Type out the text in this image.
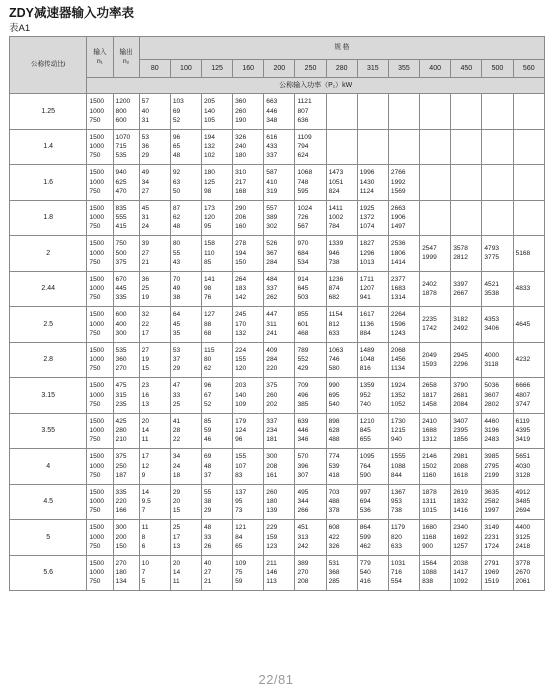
ZDY减速器输入功率表
表A1
公称传动比i	输入
n₁	输出
n₂	规 格												
			80	100	125	160	200	250	280	315	355	400	450	500	560
	公称输入功率（P₁）kW														
1.25	1500
1000
750	1200
800
600	57
40
31	103
69
52	205
140
105	360
260
190	663
446
348	1121
807
636							

1.4	1500
1000
750	1070
715
535	53
36
29	96
65
48	194
132
102	326
240
180	616
433
337	1109
794
624							

1.6	1500
1000
750	940
625
470	49
34
27	92
63
50	180
125
98	310
217
168	587
410
319	1068
748
595	1473
1051
824	1996
1430
1124	2766
1992
1569				

1.8	1500
1000
750	835
555
415	45
31
24	87
62
48	173
120
95	290
206
160	557
389
302	1024
726
567	1411
1002
784	1925
1372
1074	2663
1906
1497				

2	1500
1000
750	750
500
375	39
27
21	80
55
43	158
110
85	278
194
150	526
367
284	970
684
534	1339
946
738	1827
1296
1013	2536
1806
1414	2547
1999	3578
2812	4793
3775	5168

2.44	1500
1000
750	670
445
335	36
25
19	70
49
38	141
98
76	264
183
142	484
337
262	914
645
503	1236
874
682	1711
1207
941	2377
1683
1314	2402
1878	3397
2667	4521
3538	4833

2.5	1500
1000
750	600
400
300	32
22
17	64
45
35	127
88
68	245
170
132	447
311
241	855
601
468	1154
812
633	1617
1136
884	2264
1596
1243	2235
1742	3182
2492	4353
3406	4645

2.8	1500
1000
750	535
360
270	27
19
15	53
37
29	115
80
62	224
155
120	409
284
220	789
552
429	1063
746
580	1489
1048
816	2068
1456
1134	2049
1593	2945
2296	4000
3118	4232

3.15	1500
1000
750	475
315
235	23
16
13	47
33
25	96
67
52	203
140
109	375
260
202	709
496
385	990
695
540	1359
952
740	1924
1352
1052	2658
1817
1458	3790
2681
2084	5036
3607
2802	6666
4807
3747

3.55	1500
1000
750	425
280
210	20
14
11	41
28
22	85
59
46	179
124
96	337
234
181	639
446
346	898
628
488	1210
845
655	1730
1215
940	2410
1688
1312	3407
2395
1856	4460
3196
2483	6119
4395
3419

4	1500
1000
750	375
250
187	17
12
9	34
24
18	69
48
37	155
107
83	300
208
161	570
396
307	774
539
418	1095
764
590	1555
1088
844	2146
1502
1160	2981
2088
1618	3985
2795
2199	5651
4030
3128

4.5	1500
1000
750	335
220
166	14
9.5
7	29
20
15	55
38
29	137
95
73	260
180
139	495
344
266	703
488
378	997
694
536	1367
953
738	1878
1311
1015	2619
1832
1416	3635
2582
1997	4912
3485
2694

5	1500
1000
750	300
200
150	11
8
6	25
17
13	48
33
26	121
84
65	229
159
123	451
313
242	608
422
326	864
599
462	1179
820
633	1680
1168
900	2340
1692
1257	3149
2231
1724	4400
3125
2418

5.6	1500
1000
750	270
180
134	10
7
5	20
14
11	40
27
21	109
75
59	211
146
113	389
270
208	531
368
285	779
540
416	1031
716
554	1564
1088
838	2038
1417
1092	2791
1969
1519	3778
2670
2061
22/81
